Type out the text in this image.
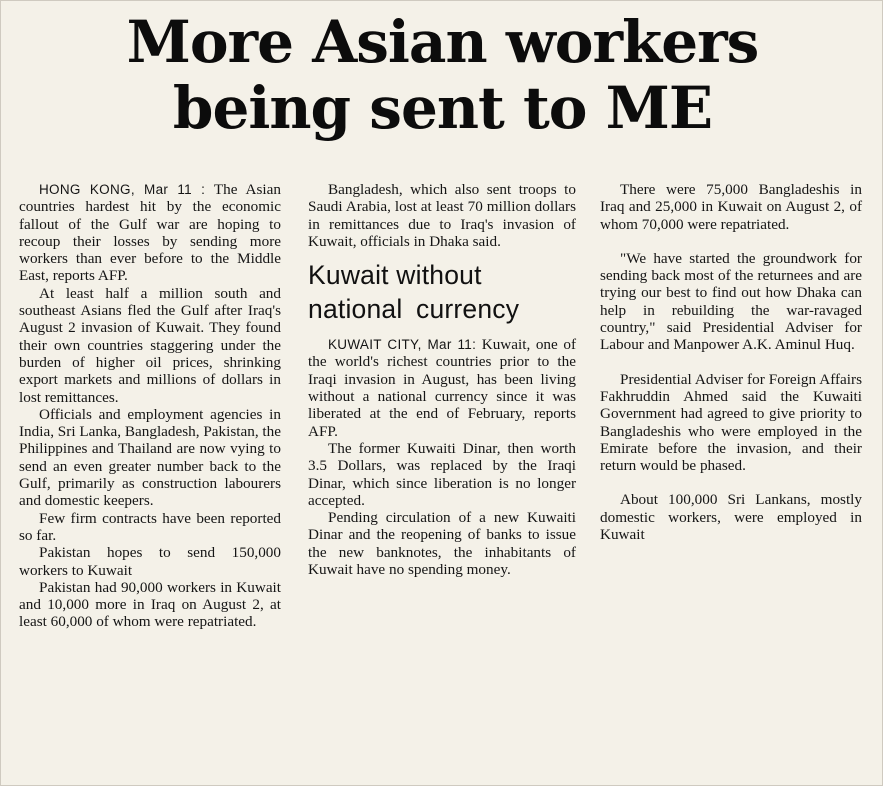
More Asian workers
being sent to ME

HONG KONG, Mar 11 : The Asian countries hardest hit by the economic fallout of the Gulf war are hoping to recoup their losses by sending more workers than ever before to the Middle East, reports AFP.

At least half a million south and southeast Asians fled the Gulf after Iraq's August 2 invasion of Kuwait. They found their own countries staggering under the burden of higher oil prices, shrinking export markets and millions of dollars in lost remittances.

Officials and employment agencies in India, Sri Lanka, Bangladesh, Pakistan, the Philippines and Thailand are now vying to send an even greater number back to the Gulf, primarily as construction labourers and domestic keepers.

Few firm contracts have been reported so far.

Pakistan hopes to send 150,000 workers to Kuwait

Pakistan had 90,000 workers in Kuwait and 10,000 more in Iraq on August 2, at least 60,000 of whom were repatriated.

Bangladesh, which also sent troops to Saudi Arabia, lost at least 70 million dollars in remittances due to Iraq's invasion of Kuwait, officials in Dhaka said.

Kuwait without
national currency

KUWAIT CITY, Mar 11: Kuwait, one of the world's richest countries prior to the Iraqi invasion in August, has been living without a national currency since it was liberated at the end of February, reports AFP.

The former Kuwaiti Dinar, then worth 3.5 Dollars, was replaced by the Iraqi Dinar, which since liberation is no longer accepted.

Pending circulation of a new Kuwaiti Dinar and the reopening of banks to issue the new banknotes, the inhabitants of Kuwait have no spending money.

There were 75,000 Bangladeshis in Iraq and 25,000 in Kuwait on August 2, of whom 70,000 were repatriated.

"We have started the groundwork for sending back most of the returnees and are trying our best to find out how Dhaka can help in rebuilding the war-ravaged country," said Presidential Adviser for Labour and Manpower A.K. Aminul Huq.

Presidential Adviser for Foreign Affairs Fakhruddin Ahmed said the Kuwaiti Government had agreed to give priority to Bangladeshis who were employed in the Emirate before the invasion, and their return would be phased.

About 100,000 Sri Lankans, mostly domestic workers, were employed in Kuwait
